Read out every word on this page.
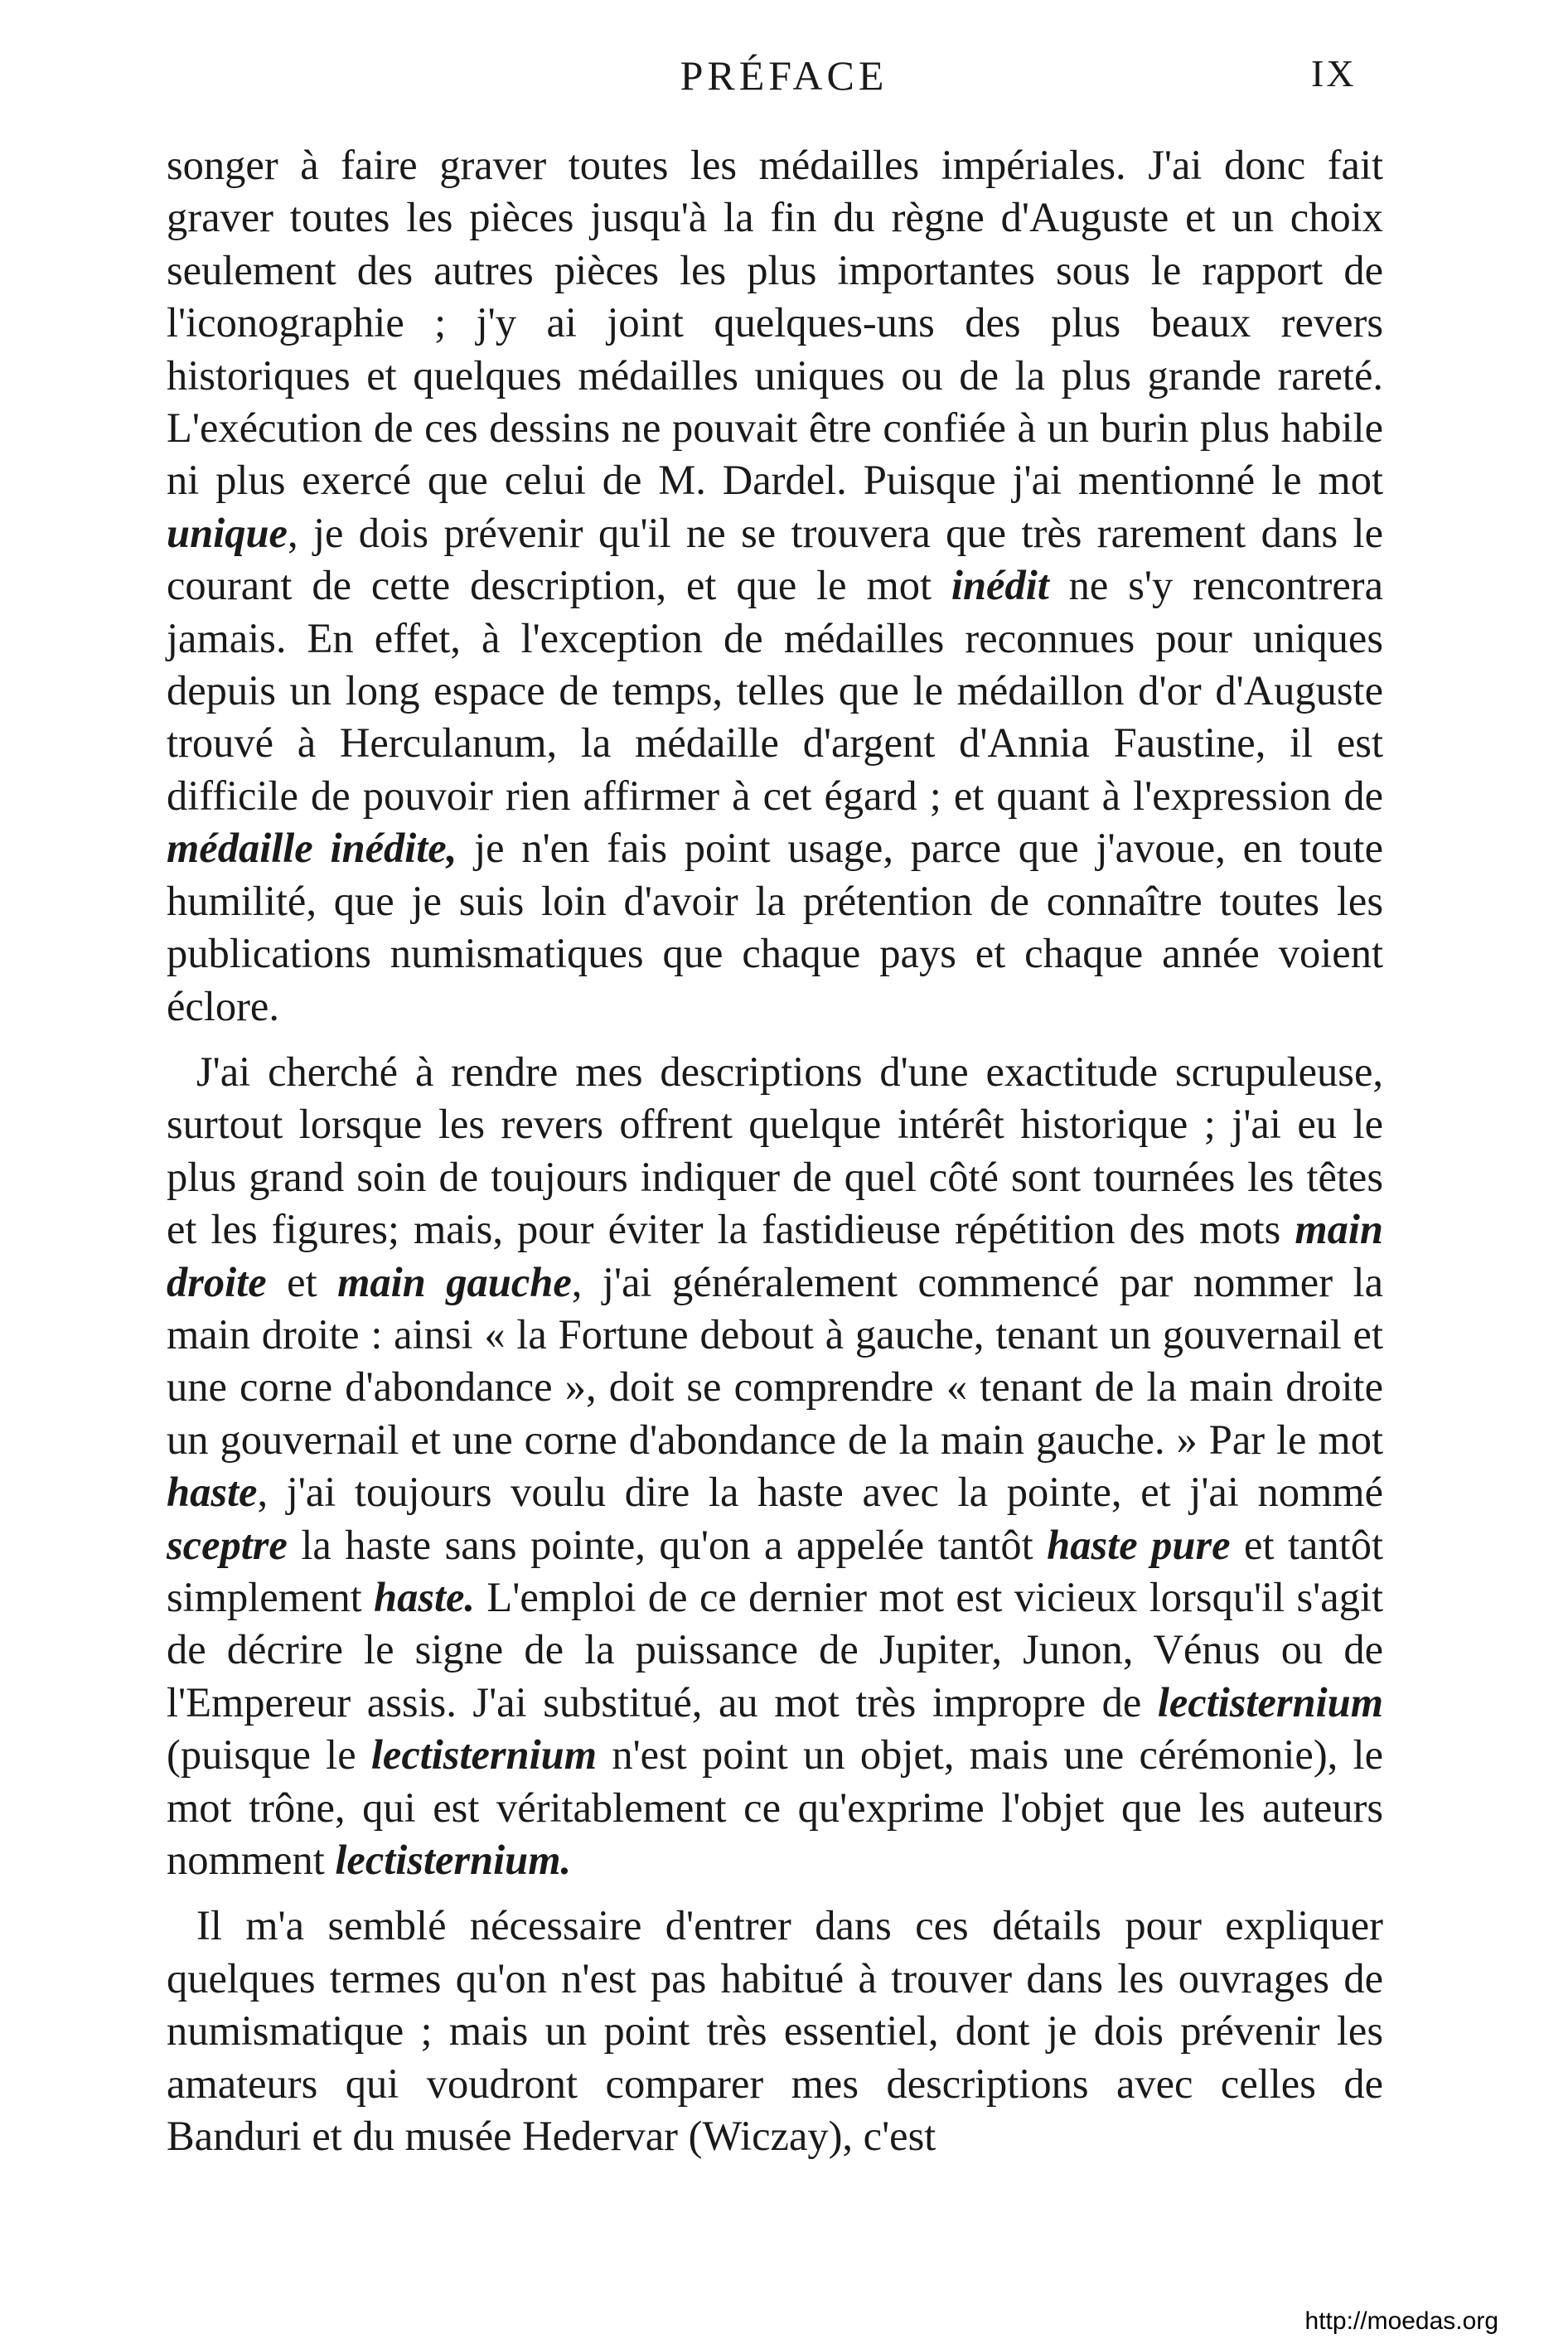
PRÉFACE	IX

songer à faire graver toutes les médailles impériales. J'ai donc fait graver toutes les pièces jusqu'à la fin du règne d'Auguste et un choix seulement des autres pièces les plus importantes sous le rapport de l'iconographie ; j'y ai joint quelques-uns des plus beaux revers historiques et quelques médailles uniques ou de la plus grande rareté. L'exécution de ces dessins ne pouvait être confiée à un burin plus habile ni plus exercé que celui de M. Dardel. Puisque j'ai mentionné le mot unique, je dois prévenir qu'il ne se trouvera que très rarement dans le courant de cette description, et que le mot inédit ne s'y rencontrera jamais. En effet, à l'exception de médailles reconnues pour uniques depuis un long espace de temps, telles que le médaillon d'or d'Auguste trouvé à Herculanum, la médaille d'argent d'Annia Faustine, il est difficile de pouvoir rien affirmer à cet égard ; et quant à l'expression de médaille inédite, je n'en fais point usage, parce que j'avoue, en toute humilité, que je suis loin d'avoir la prétention de connaître toutes les publications numismatiques que chaque pays et chaque année voient éclore.

J'ai cherché à rendre mes descriptions d'une exactitude scrupuleuse, surtout lorsque les revers offrent quelque intérêt historique ; j'ai eu le plus grand soin de toujours indiquer de quel côté sont tournées les têtes et les figures; mais, pour éviter la fastidieuse répétition des mots main droite et main gauche, j'ai généralement commencé par nommer la main droite : ainsi « la Fortune debout à gauche, tenant un gouvernail et une corne d'abondance », doit se comprendre « tenant de la main droite un gouvernail et une corne d'abondance de la main gauche. » Par le mot haste, j'ai toujours voulu dire la haste avec la pointe, et j'ai nommé sceptre la haste sans pointe, qu'on a appelée tantôt haste pure et tantôt simplement haste. L'emploi de ce dernier mot est vicieux lorsqu'il s'agit de décrire le signe de la puissance de Jupiter, Junon, Vénus ou de l'Empereur assis. J'ai substitué, au mot très impropre de lectisternium (puisque le lectisternium n'est point un objet, mais une cérémonie), le mot trône, qui est véritablement ce qu'exprime l'objet que les auteurs nomment lectisternium.

Il m'a semblé nécessaire d'entrer dans ces détails pour expliquer quelques termes qu'on n'est pas habitué à trouver dans les ouvrages de numismatique ; mais un point très essentiel, dont je dois prévenir les amateurs qui voudront comparer mes descriptions avec celles de Banduri et du musée Hedervar (Wiczay), c'est

http://moedas.org
